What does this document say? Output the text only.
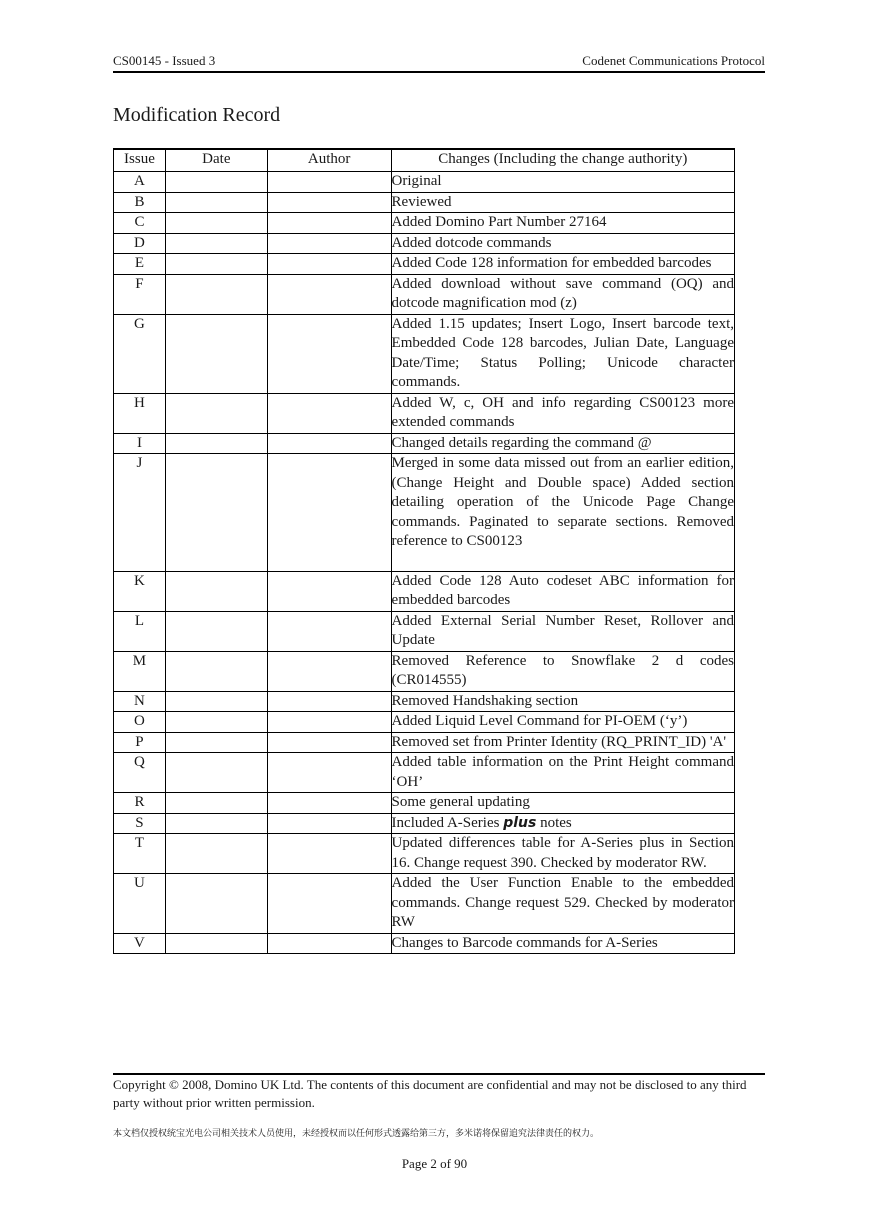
CS00145 - Issued 3	Codenet Communications Protocol
Modification Record
Issue	Date	Author	Changes (Including the change authority)
A			Original

B			Reviewed

C			Added Domino Part Number 27164

D			Added dotcode commands

E			Added Code 128 information for embedded barcodes

F			Added download without save command (OQ) and dotcode magnification mod (z)

G			Added 1.15 updates; Insert Logo, Insert barcode text, Embedded Code 128 barcodes, Julian Date, Language Date/Time; Status Polling; Unicode character commands.

H			Added W, c, OH and info regarding CS00123 more extended commands

I			Changed details regarding the command @

J			Merged in some data missed out from an earlier edition, (Change Height and Double space) Added section detailing operation of the Unicode Page Change commands. Paginated to separate sections. Removed reference to CS00123

K			Added Code 128 Auto codeset ABC information for embedded barcodes

L			Added External Serial Number Reset, Rollover and Update

M			Removed Reference to Snowflake 2 d codes (CR014555)

N			Removed Handshaking section

O			Added Liquid Level Command for PI-OEM (‘y’)

P			Removed set from Printer Identity (RQ_PRINT_ID) 'A'

Q			Added table information on the Print Height command ‘OH’

R			Some general updating

S			Included A-Series plus notes
T			Updated differences table for A-Series plus in Section 16. Change request 390. Checked by moderator RW.

U			Added the User Function Enable to the embedded commands. Change request 529. Checked by moderator RW

V			Changes to Barcode commands for A-Series

Copyright © 2008, Domino UK Ltd. The contents of this document are confidential and may not be disclosed to any third party without prior written permission.

本文档仅授权统宝光电公司相关技术人员使用，未经授权而以任何形式透露给第三方，多米诺将保留追究法律责任的权力。
Page 2 of 90
